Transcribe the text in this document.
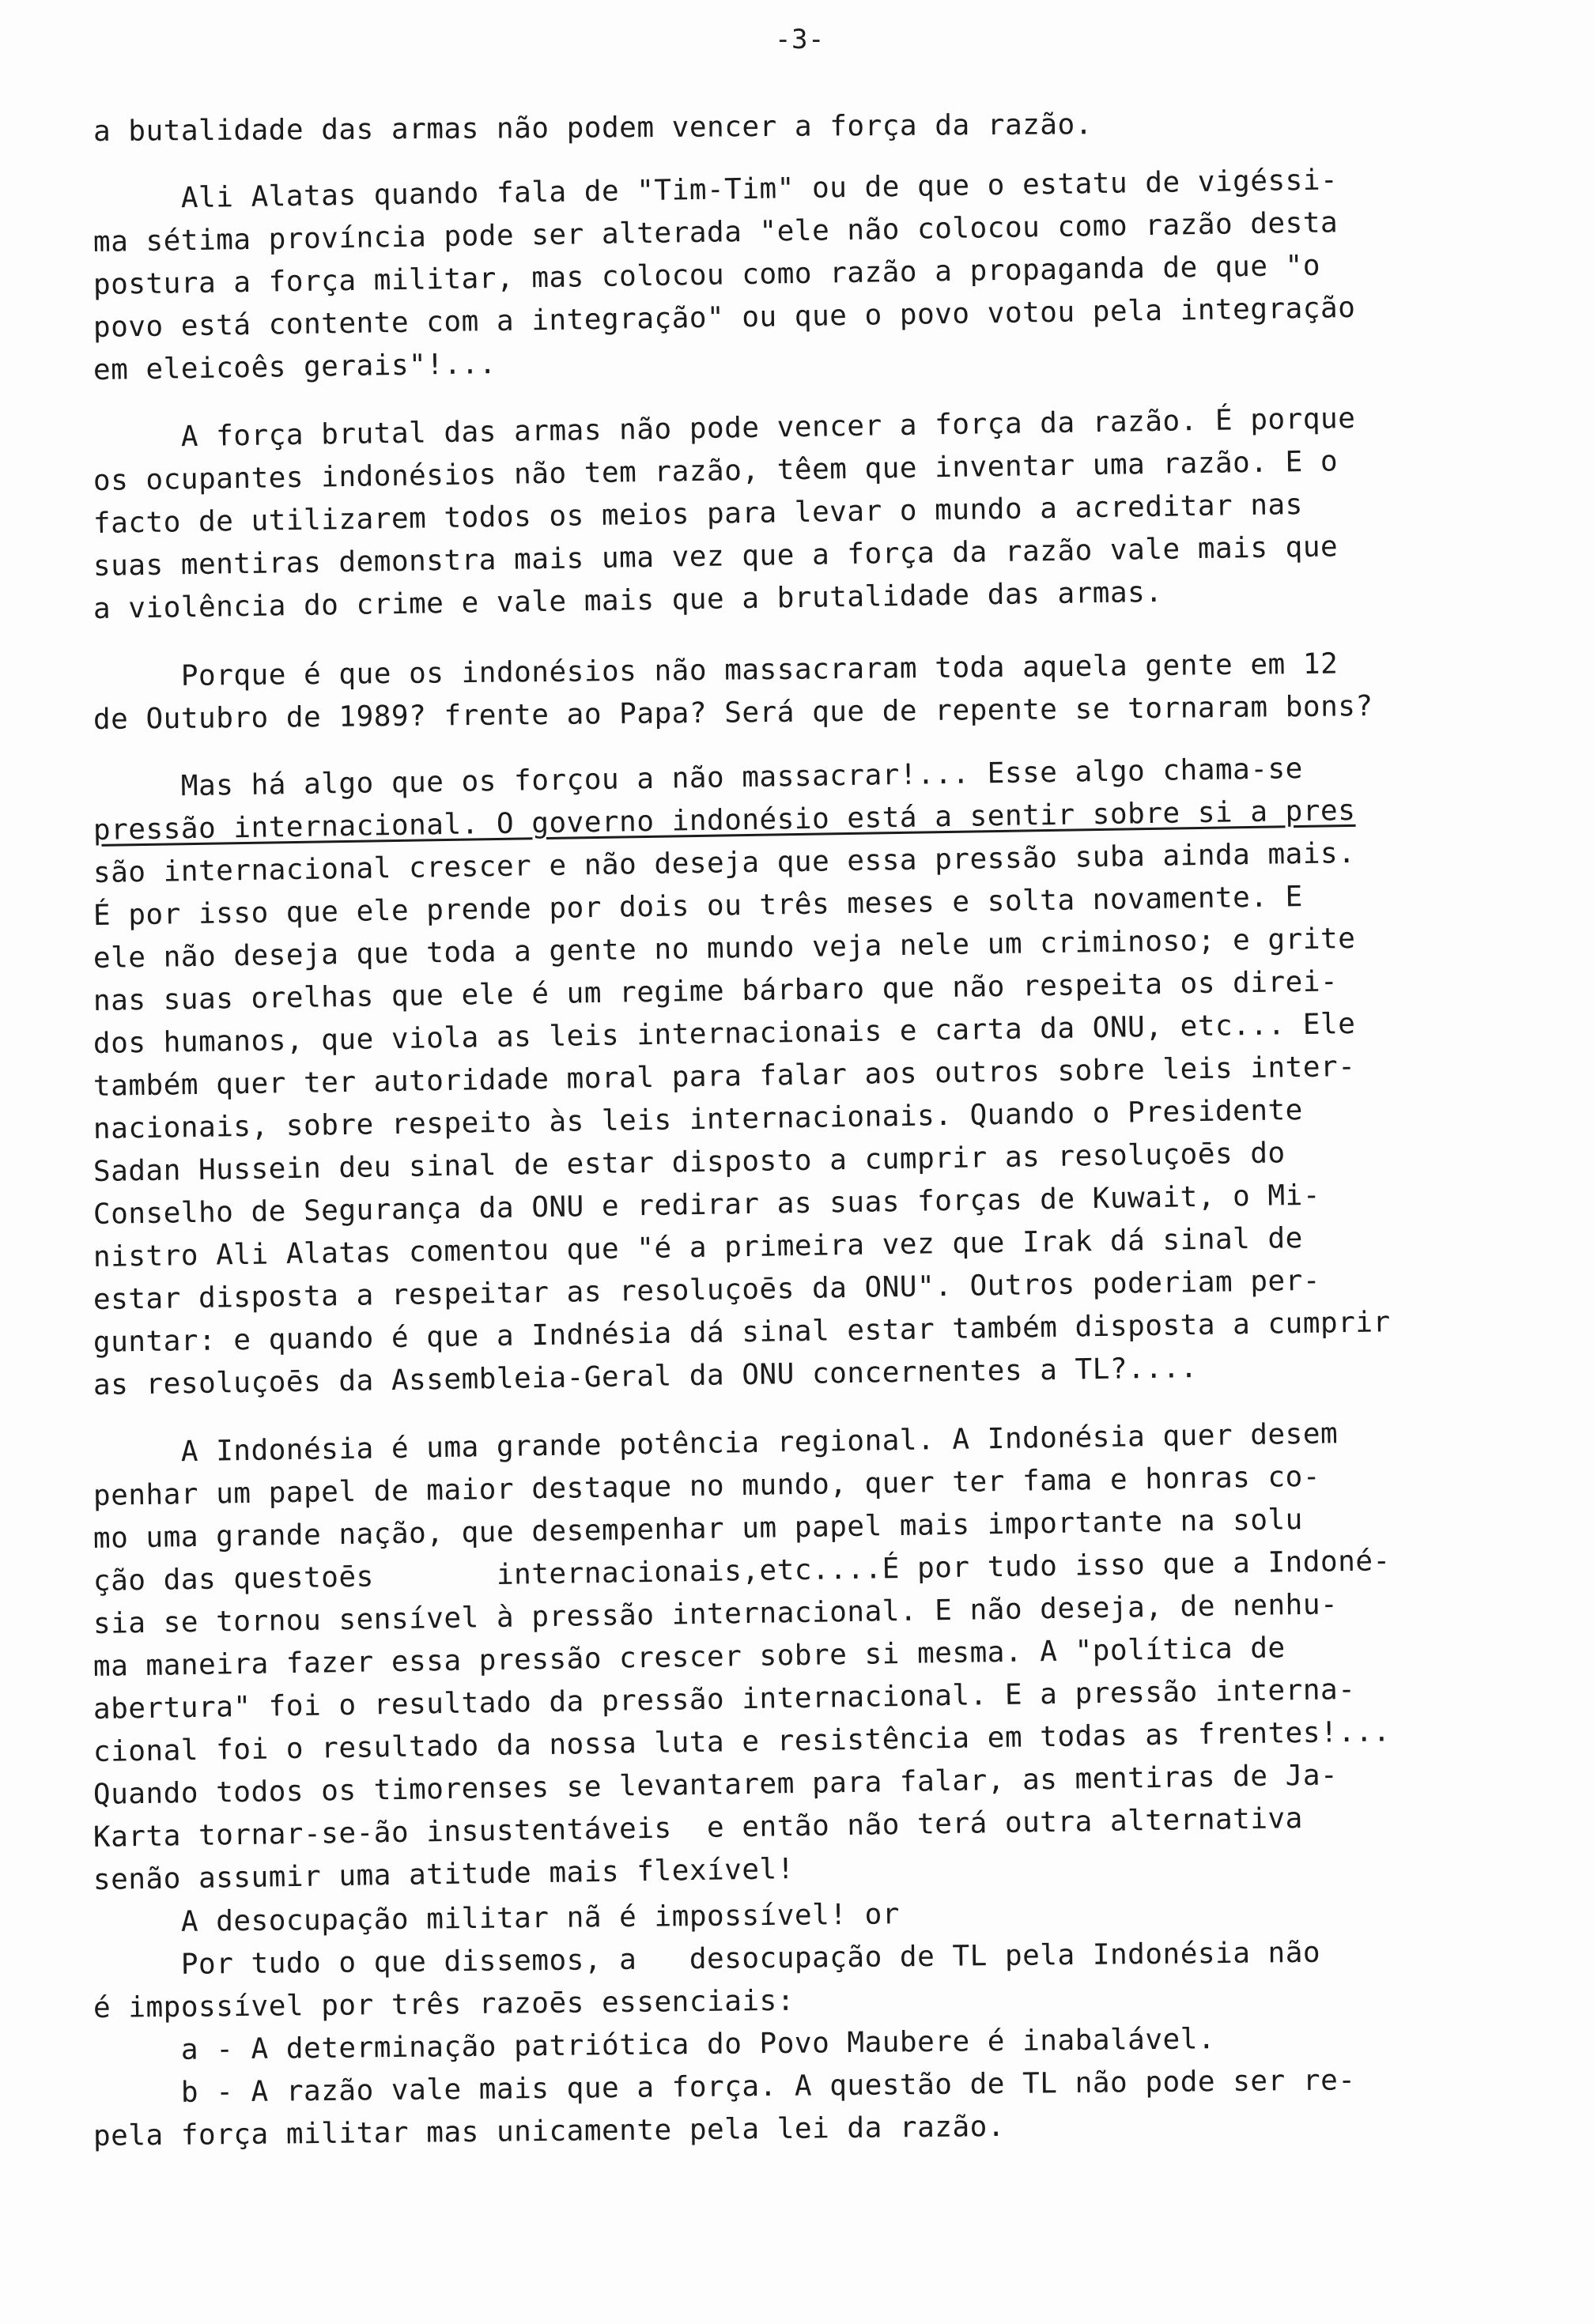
-3-
a butalidade das armas não podem vencer a força da razão.
Ali Alatas quando fala de "Tim-Tim" ou de que o estatu de vigéssi-
ma sétima província pode ser alterada "ele não colocou como razão desta
postura a força militar, mas colocou como razão a propaganda de que "o
povo está contente com a integração" ou que o povo votou pela integração
em eleicoês gerais"!...
A força brutal das armas não pode vencer a força da razão. É porque
os ocupantes indonésios não tem razão, têem que inventar uma razão. E o
facto de utilizarem todos os meios para levar o mundo a acreditar nas
suas mentiras demonstra mais uma vez que a força da razão vale mais que
a violência do crime e vale mais que a brutalidade das armas.
Porque é que os indonésios não massacraram toda aquela gente em 12
de Outubro de 1989? frente ao Papa? Será que de repente se tornaram bons?
Mas há algo que os forçou a não massacrar!... Esse algo chama-se
pressão internacional. O governo indonésio está a sentir sobre si a pres
são internacional crescer e não deseja que essa pressão suba ainda mais.
É por isso que ele prende por dois ou três meses e solta novamente. E
ele não deseja que toda a gente no mundo veja nele um criminoso; e grite
nas suas orelhas que ele é um regime bárbaro que não respeita os direi-
dos humanos, que viola as leis internacionais e carta da ONU, etc... Ele
também quer ter autoridade moral para falar aos outros sobre leis inter-
nacionais, sobre respeito às leis internacionais. Quando o Presidente
Sadan Hussein deu sinal de estar disposto a cumprir as resoluçoēs do
Conselho de Segurança da ONU e redirar as suas forças de Kuwait, o Mi-
nistro Ali Alatas comentou que "é a primeira vez que Irak dá sinal de
estar disposta a respeitar as resoluçoēs da ONU". Outros poderiam per-
guntar: e quando é que a Indnésia dá sinal estar também disposta a cumprir
as resoluçoēs da Assembleia-Geral da ONU concernentes a TL?....
A Indonésia é uma grande potência regional. A Indonésia quer desem
penhar um papel de maior destaque no mundo, quer ter fama e honras co-
mo uma grande nação, que desempenhar um papel mais importante na solu
ção das questoēs       internacionais,etc....É por tudo isso que a Indoné-
sia se tornou sensível à pressão internacional. E não deseja, de nenhu-
ma maneira fazer essa pressão crescer sobre si mesma. A "política de
abertura" foi o resultado da pressão internacional. E a pressão interna-
cional foi o resultado da nossa luta e resistência em todas as frentes!...
Quando todos os timorenses se levantarem para falar, as mentiras de Ja-
Karta tornar-se-ão insustentáveis  e então não terá outra alternativa
senão assumir uma atitude mais flexível!
A desocupação militar nã é impossível! or
Por tudo o que dissemos, a   desocupação de TL pela Indonésia não
é impossível por três razoēs essenciais:
a - A determinação patriótica do Povo Maubere é inabalável.
b - A razão vale mais que a força. A questão de TL não pode ser re-
pela força militar mas unicamente pela lei da razão.
